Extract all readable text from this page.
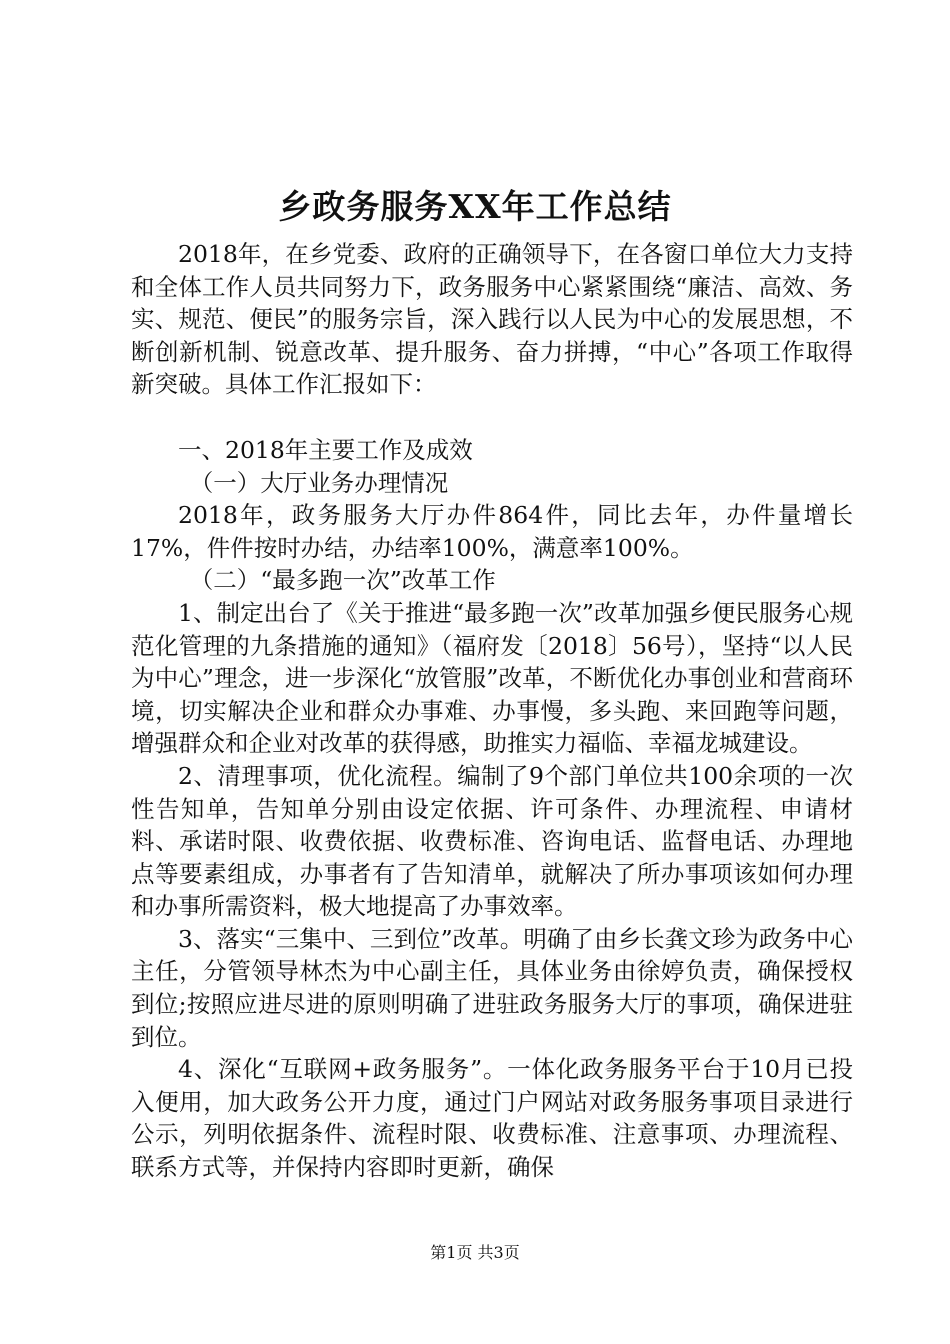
乡政务服务XX年工作总结

2018年，在乡党委、政府的正确领导下，在各窗口单位大力支持和全体工作人员共同努力下，政务服务中心紧紧围绕“廉洁、高效、务实、规范、便民”的服务宗旨，深入践行以人民为中心的发展思想，不断创新机制、锐意改革、提升服务、奋力拼搏，“中心”各项工作取得新突破。具体工作汇报如下：

一、2018年主要工作及成效

（一）大厅业务办理情况

2018年，政务服务大厅办件864件，同比去年，办件量增长17%，件件按时办结，办结率100%，满意率100%。

（二）“最多跑一次”改革工作

1、制定出台了《关于推进“最多跑一次”改革加强乡便民服务心规范化管理的九条措施的通知》（福府发〔2018〕56号），坚持“以人民为中心”理念，进一步深化“放管服”改革，不断优化办事创业和营商环境，切实解决企业和群众办事难、办事慢，多头跑、来回跑等问题，增强群众和企业对改革的获得感，助推实力福临、幸福龙城建设。

2、清理事项，优化流程。编制了9个部门单位共100余项的一次性告知单，告知单分别由设定依据、许可条件、办理流程、申请材料、承诺时限、收费依据、收费标准、咨询电话、监督电话、办理地点等要素组成，办事者有了告知清单，就解决了所办事项该如何办理和办事所需资料，极大地提高了办事效率。

3、落实“三集中、三到位”改革。明确了由乡长龚文珍为政务中心主任，分管领导林杰为中心副主任，具体业务由徐婷负责，确保授权到位;按照应进尽进的原则明确了进驻政务服务大厅的事项，确保进驻到位。

4、深化“互联网+政务服务”。一体化政务服务平台于10月已投入便用，加大政务公开力度，通过门户网站对政务服务事项目录进行公示，列明依据条件、流程时限、收费标准、注意事项、办理流程、联系方式等，并保持内容即时更新，确保

第1页 共3页
